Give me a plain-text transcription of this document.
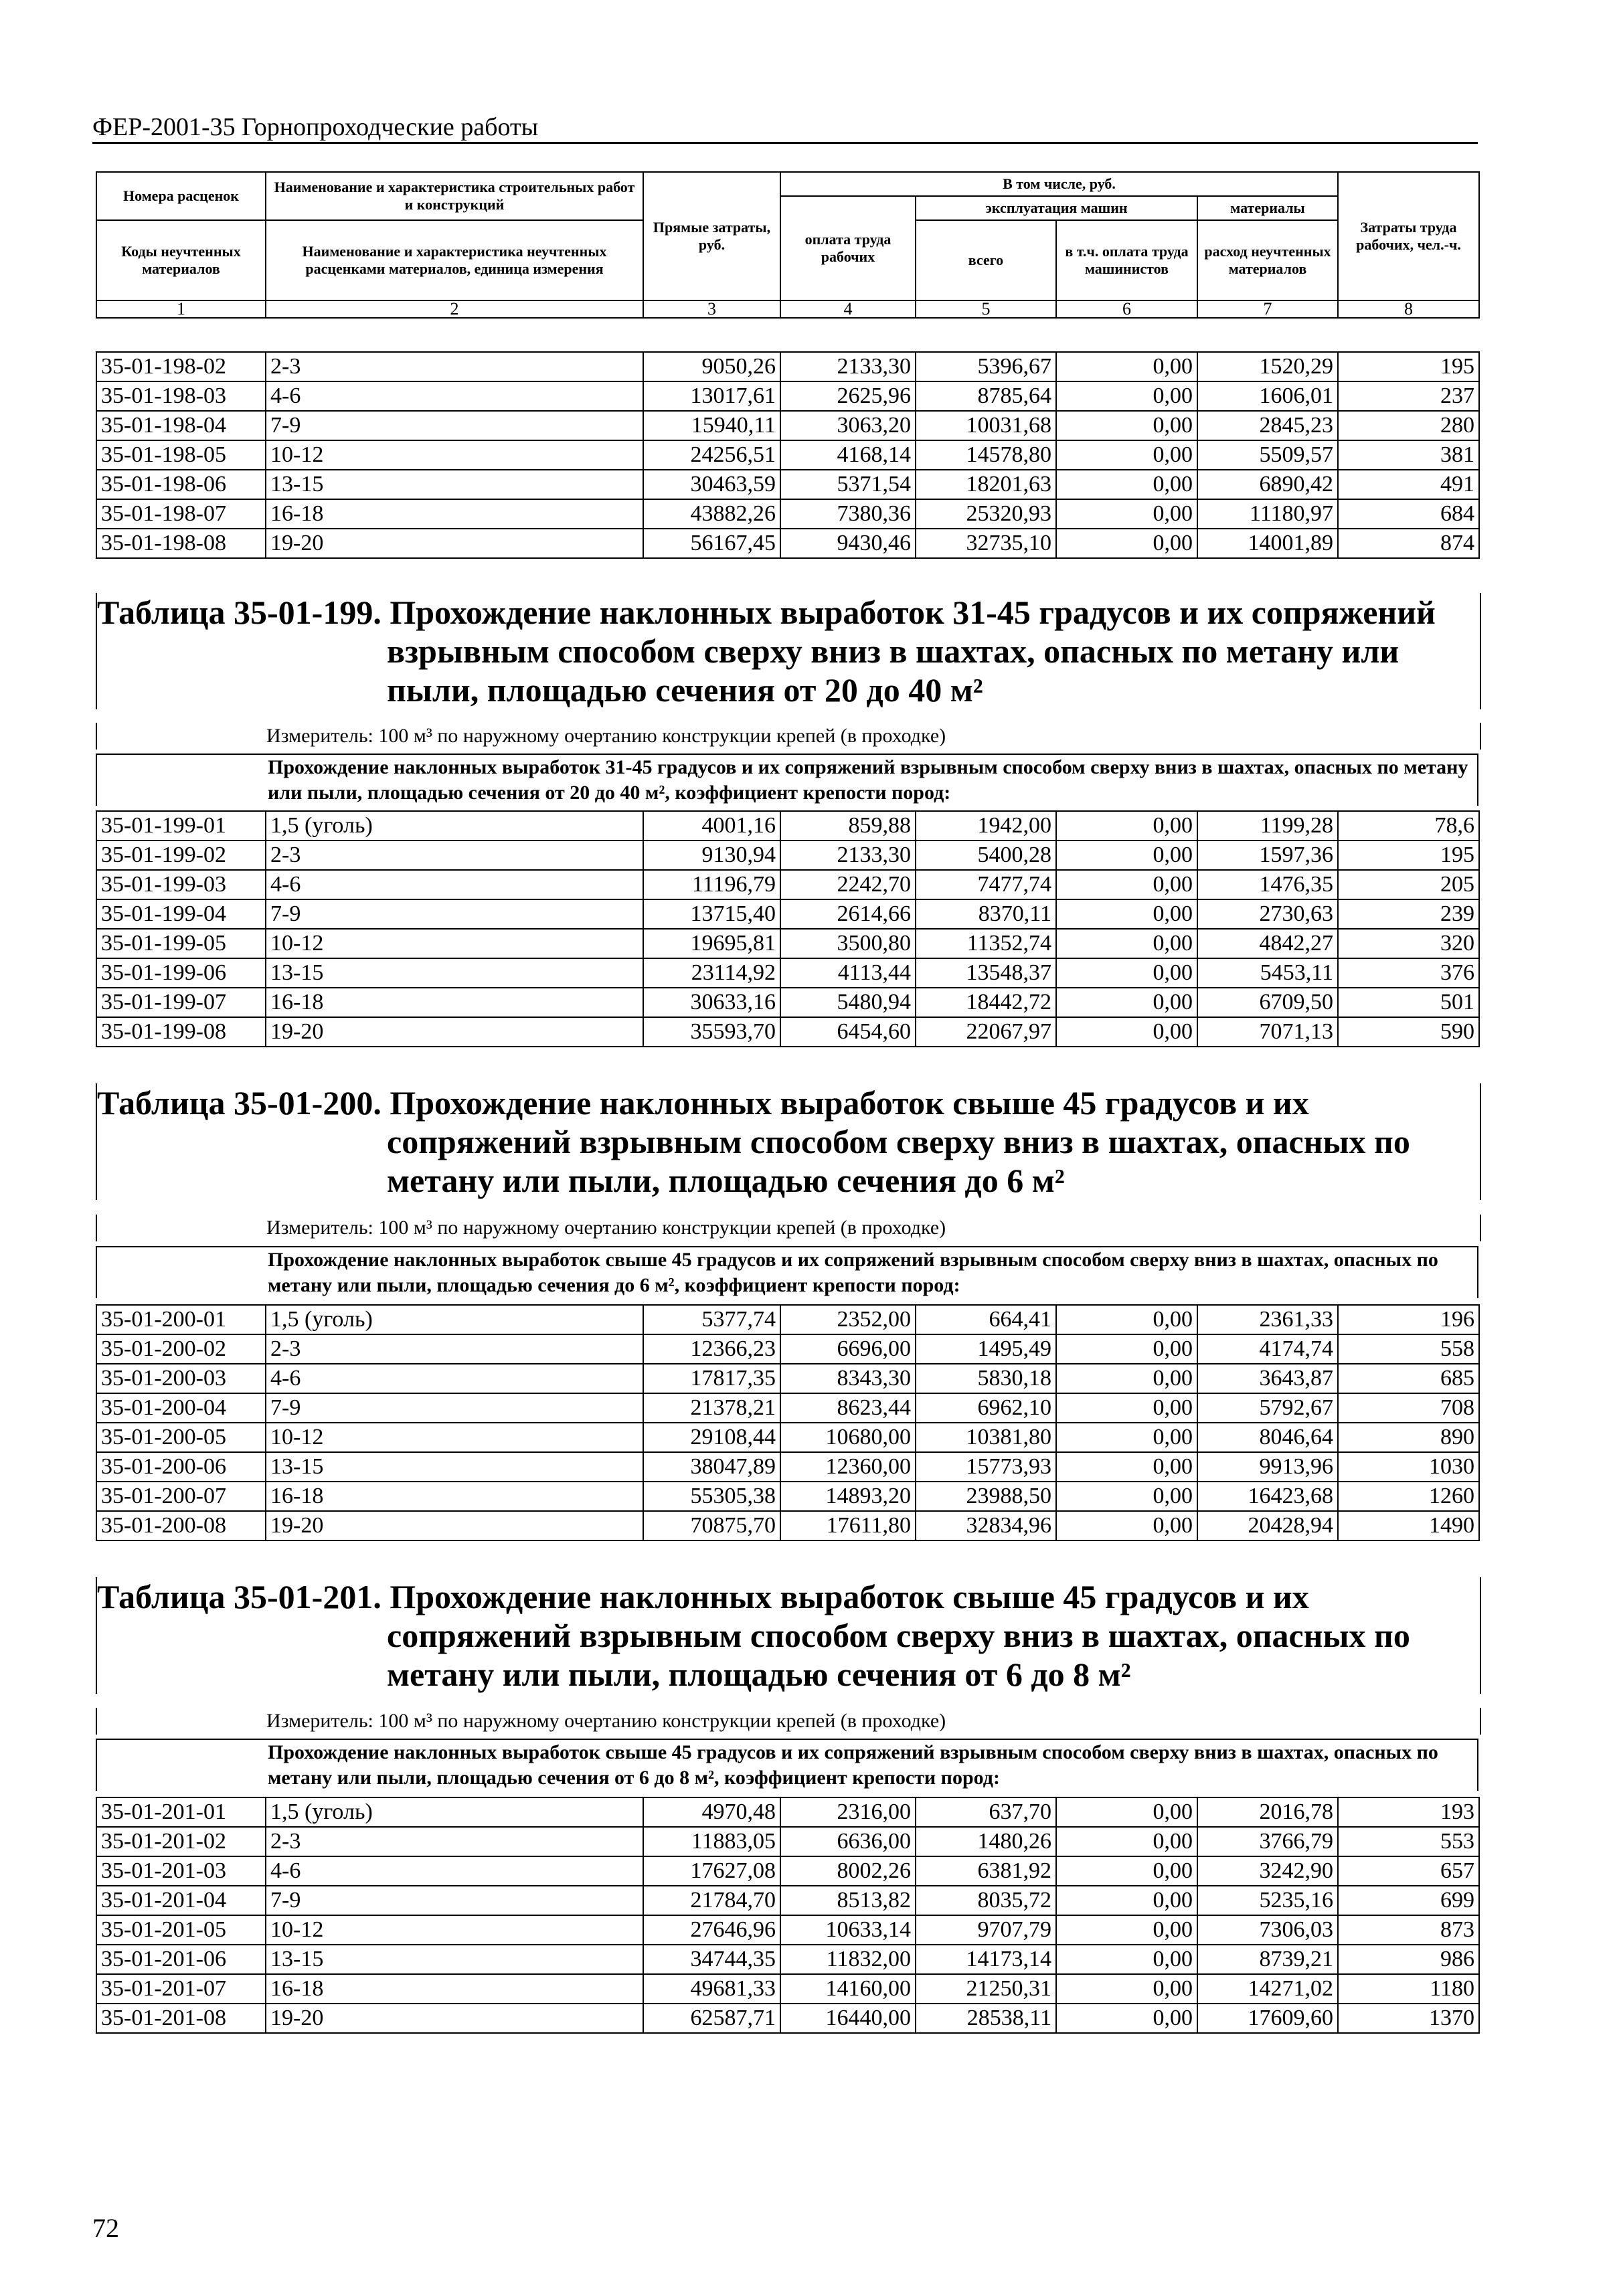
ФЕР-2001-35 Горнопроходческие работы
Номера расценок	Наименование и характеристика строительных работ и конструкций	Прямые затраты, руб.	В том числе, руб.				Затраты труда рабочих, чел.-ч.
			оплата труда рабочих	эксплуатация машин		материалы	
Коды неучтенных материалов	Наименование и характеристика неучтенных расценками материалов, единица измерения			всего	в т.ч. оплата труда машинистов	расход неучтенных материалов	

1	2	3	4	5	6	7	8
35-01-198-02	2-3	9050,26	2133,30	5396,67	0,00	1520,29	195
35-01-198-03	4-6	13017,61	2625,96	8785,64	0,00	1606,01	237
35-01-198-04	7-9	15940,11	3063,20	10031,68	0,00	2845,23	280
35-01-198-05	10-12	24256,51	4168,14	14578,80	0,00	5509,57	381
35-01-198-06	13-15	30463,59	5371,54	18201,63	0,00	6890,42	491
35-01-198-07	16-18	43882,26	7380,36	25320,93	0,00	11180,97	684
35-01-198-08	19-20	56167,45	9430,46	32735,10	0,00	14001,89	874
Таблица 35-01-199. Прохождение наклонных выработок 31-45 градусов и их сопряжений
взрывным способом сверху вниз в шахтах, опасных по метану или
пыли, площадью сечения от 20 до 40 м²
Измеритель: 100 м³ по наружному очертанию конструкции крепей (в проходке)
Прохождение наклонных выработок 31-45 градусов и их сопряжений взрывным способом сверху вниз в шахтах, опасных по метану или пыли, площадью сечения от 20 до 40 м², коэффициент крепости пород:
35-01-199-01	1,5 (уголь)	4001,16	859,88	1942,00	0,00	1199,28	78,6
35-01-199-02	2-3	9130,94	2133,30	5400,28	0,00	1597,36	195
35-01-199-03	4-6	11196,79	2242,70	7477,74	0,00	1476,35	205
35-01-199-04	7-9	13715,40	2614,66	8370,11	0,00	2730,63	239
35-01-199-05	10-12	19695,81	3500,80	11352,74	0,00	4842,27	320
35-01-199-06	13-15	23114,92	4113,44	13548,37	0,00	5453,11	376
35-01-199-07	16-18	30633,16	5480,94	18442,72	0,00	6709,50	501
35-01-199-08	19-20	35593,70	6454,60	22067,97	0,00	7071,13	590
Таблица 35-01-200. Прохождение наклонных выработок свыше 45 градусов и их
сопряжений взрывным способом сверху вниз в шахтах, опасных по
метану или пыли, площадью сечения до 6 м²
Измеритель: 100 м³ по наружному очертанию конструкции крепей (в проходке)
Прохождение наклонных выработок свыше 45 градусов и их сопряжений взрывным способом сверху вниз в шахтах, опасных по метану или пыли, площадью сечения до 6 м², коэффициент крепости пород:
35-01-200-01	1,5 (уголь)	5377,74	2352,00	664,41	0,00	2361,33	196
35-01-200-02	2-3	12366,23	6696,00	1495,49	0,00	4174,74	558
35-01-200-03	4-6	17817,35	8343,30	5830,18	0,00	3643,87	685
35-01-200-04	7-9	21378,21	8623,44	6962,10	0,00	5792,67	708
35-01-200-05	10-12	29108,44	10680,00	10381,80	0,00	8046,64	890
35-01-200-06	13-15	38047,89	12360,00	15773,93	0,00	9913,96	1030
35-01-200-07	16-18	55305,38	14893,20	23988,50	0,00	16423,68	1260
35-01-200-08	19-20	70875,70	17611,80	32834,96	0,00	20428,94	1490
Таблица 35-01-201. Прохождение наклонных выработок свыше 45 градусов и их
сопряжений взрывным способом сверху вниз в шахтах, опасных по
метану или пыли, площадью сечения от 6 до 8 м²
Измеритель: 100 м³ по наружному очертанию конструкции крепей (в проходке)
Прохождение наклонных выработок свыше 45 градусов и их сопряжений взрывным способом сверху вниз в шахтах, опасных по метану или пыли, площадью сечения от 6 до 8 м², коэффициент крепости пород:
35-01-201-01	1,5 (уголь)	4970,48	2316,00	637,70	0,00	2016,78	193
35-01-201-02	2-3	11883,05	6636,00	1480,26	0,00	3766,79	553
35-01-201-03	4-6	17627,08	8002,26	6381,92	0,00	3242,90	657
35-01-201-04	7-9	21784,70	8513,82	8035,72	0,00	5235,16	699
35-01-201-05	10-12	27646,96	10633,14	9707,79	0,00	7306,03	873
35-01-201-06	13-15	34744,35	11832,00	14173,14	0,00	8739,21	986
35-01-201-07	16-18	49681,33	14160,00	21250,31	0,00	14271,02	1180
35-01-201-08	19-20	62587,71	16440,00	28538,11	0,00	17609,60	1370
72
